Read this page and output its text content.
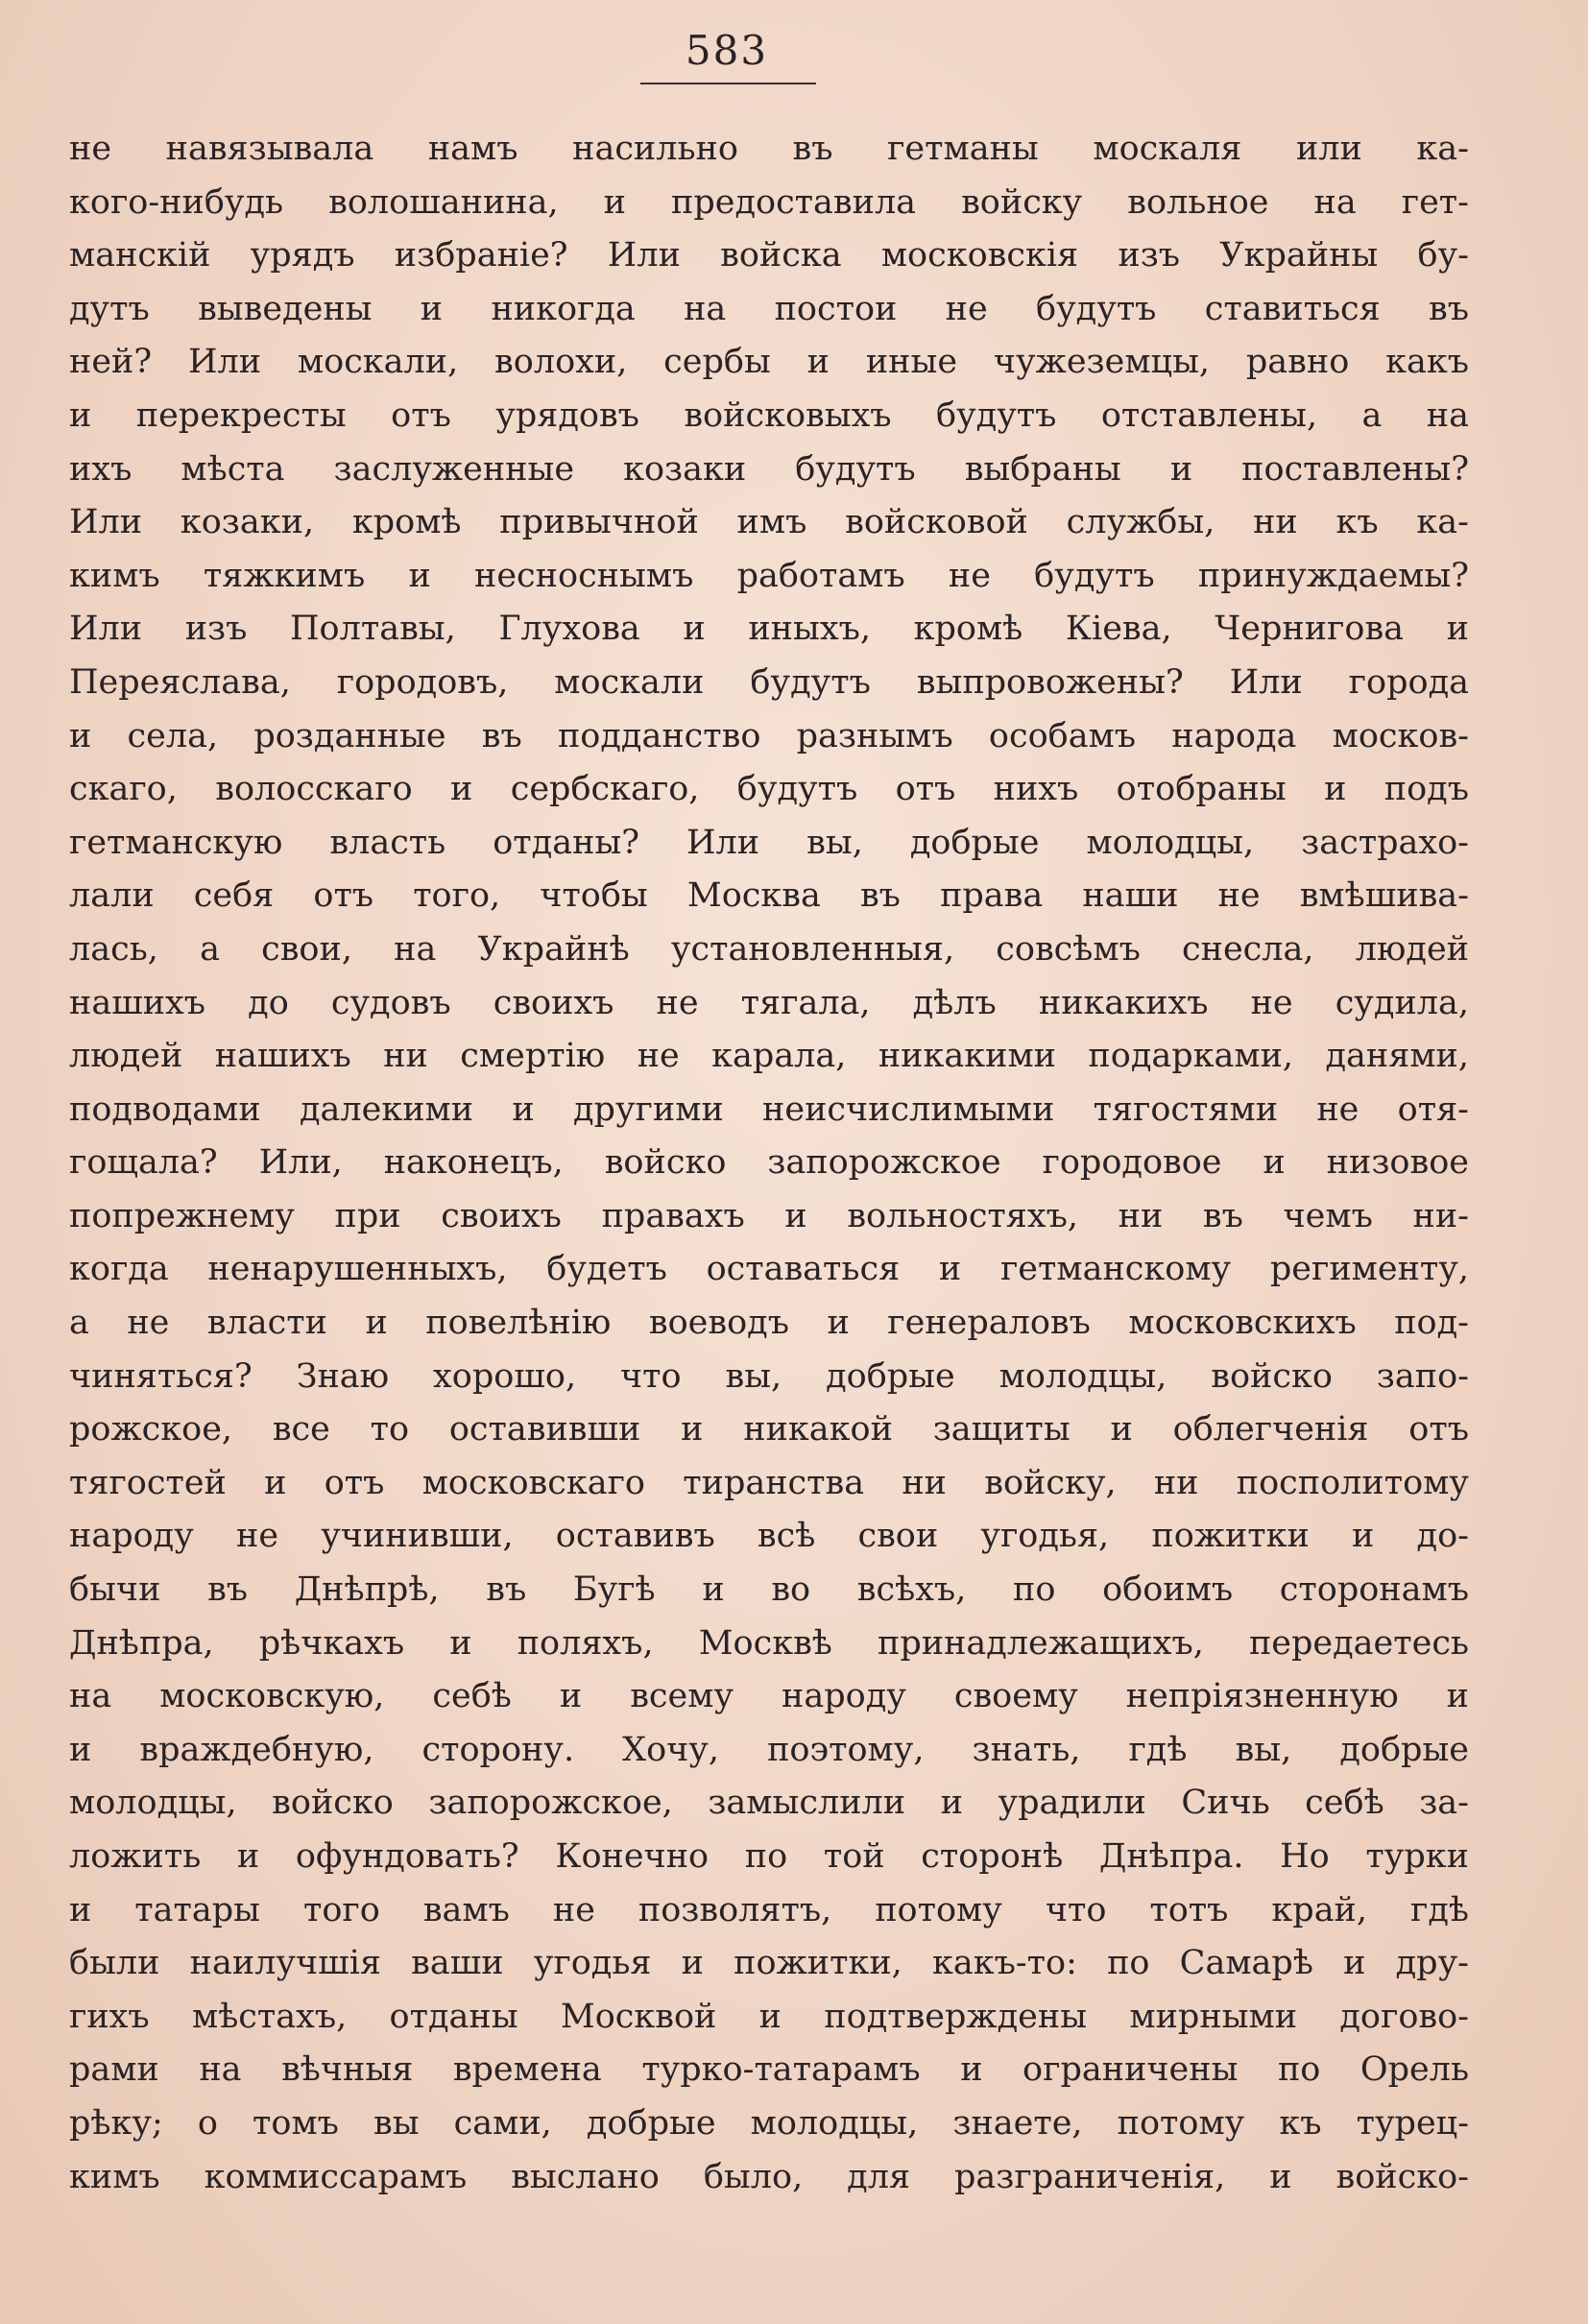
583
не навязывала намъ насильно въ гетманы москаля или ка-
кого-нибудь волошанина, и предоставила войску вольное на гет-
манскій урядъ избраніе? Или войска московскія изъ Украйны бу-
дутъ выведены и никогда на постои не будутъ ставиться въ
ней? Или москали, волохи, сербы и иные чужеземцы, равно какъ
и перекресты отъ урядовъ войсковыхъ будутъ отставлены, а на
ихъ мѣста заслуженные козаки будутъ выбраны и поставлены?
Или козаки, кромѣ привычной имъ войсковой службы, ни къ ка-
кимъ тяжкимъ и несноснымъ работамъ не будутъ принуждаемы?
Или изъ Полтавы, Глухова и иныхъ, кромѣ Кіева, Чернигова и
Переяслава, городовъ, москали будутъ выпровожены? Или города
и села, розданные въ подданство разнымъ особамъ народа москов-
скаго, волосскаго и сербскаго, будутъ отъ нихъ отобраны и подъ
гетманскую власть отданы? Или вы, добрые молодцы, застрахо-
лали себя отъ того, чтобы Москва въ права наши не вмѣшива-
лась, а свои, на Украйнѣ установленныя, совсѣмъ снесла, людей
нашихъ до судовъ своихъ не тягала, дѣлъ никакихъ не судила,
людей нашихъ ни смертію не карала, никакими подарками, данями,
подводами далекими и другими неисчислимыми тягостями не отя-
гощала? Или, наконецъ, войско запорожское городовое и низовое
попрежнему при своихъ правахъ и вольностяхъ, ни въ чемъ ни-
когда ненарушенныхъ, будетъ оставаться и гетманскому регименту,
а не власти и повелѣнію воеводъ и генераловъ московскихъ под-
чиняться? Знаю хорошо, что вы, добрые молодцы, войско запо-
рожское, все то оставивши и никакой защиты и облегченія отъ
тягостей и отъ московскаго тиранства ни войску, ни посполитому
народу не учинивши, оставивъ всѣ свои угодья, пожитки и до-
бычи въ Днѣпрѣ, въ Бугѣ и во всѣхъ, по обоимъ сторонамъ
Днѣпра, рѣчкахъ и поляхъ, Москвѣ принадлежащихъ, передаетесь
на московскую, себѣ и всему народу своему непріязненную и
и враждебную, сторону. Хочу, поэтому, знать, гдѣ вы, добрые
молодцы, войско запорожское, замыслили и урадили Сичь себѣ за-
ложить и офундовать? Конечно по той сторонѣ Днѣпра. Но турки
и татары того вамъ не позволятъ, потому что тотъ край, гдѣ
были наилучшія ваши угодья и пожитки, какъ-то: по Самарѣ и дру-
гихъ мѣстахъ, отданы Москвой и подтверждены мирными догово-
рами на вѣчныя времена турко-татарамъ и ограничены по Орель
рѣку; о томъ вы сами, добрые молодцы, знаете, потому къ турец-
кимъ коммиссарамъ выслано было, для разграниченія, и войско-
